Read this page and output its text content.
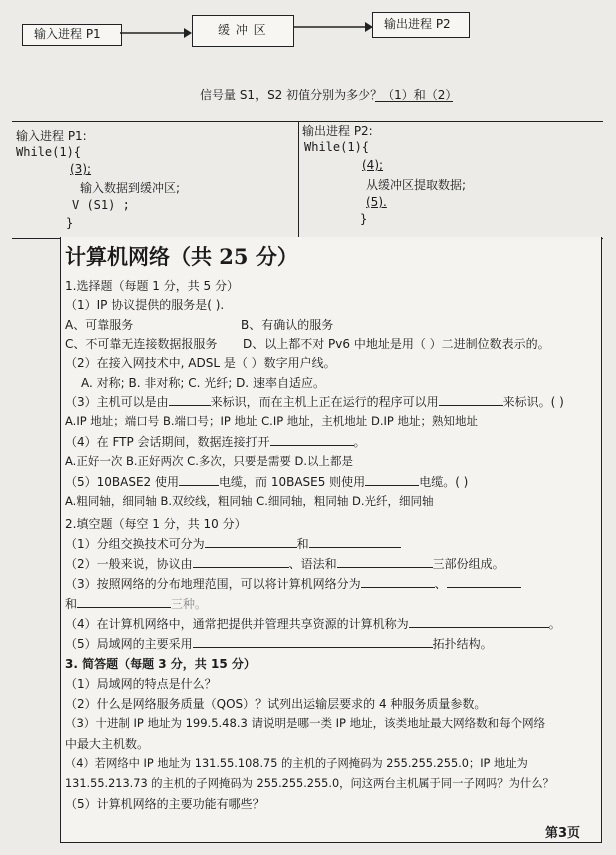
输入进程 P1	缓 冲 区	输出进程 P2
信号量 S1，S2 初值分别为多少？（1）和（2）
输入进程 P1:
While(1){
(3);
输入数据到缓冲区;
V (S1) ;
}
输出进程 P2:
While(1){
(4);
从缓冲区提取数据;
(5).
}
计算机网络（共 25 分）
1.选择题（每题 1 分，共 5 分）
（1）IP 协议提供的服务是( ).
A、可靠服务	B、有确认的服务
C、不可靠无连接数据报服务 D、以上都不对 Pv6 中地址是用（ ）二进制位数表示的。
（2）在接入网技术中, ADSL 是（ ）数字用户线。
A. 对称; B. 非对称; C. 光纤; D. 速率自适应。
（3）主机可以是由	来标识，而在主机上正在运行的程序可以用	来标识。( )
A.IP 地址；端口号 B.端口号；IP 地址 C.IP 地址，主机地址 D.IP 地址；熟知地址
（4）在 FTP 会话期间，数据连接打开	。
A.正好一次 B.正好两次 C.多次，只要是需要 D.以上都是
（5）10BASE2 使用	电缆，而 10BASE5 则使用	电缆。( )
A.粗同轴，细同轴 B.双绞线，粗同轴 C.细同轴，粗同轴 D.光纤，细同轴
2.填空题（每空 1 分，共 10 分）
（1）分组交换技术可分为	和
（2）一般来说，协议由	、语法和	三部份组成。
（3）按照网络的分布地理范围，可以将计算机网络分为	、
和	三种。
（4）在计算机网络中，通常把提供并管理共享资源的计算机称为	。
（5）局域网的主要采用	拓扑结构。
3. 简答题（每题 3 分，共 15 分）
（1）局域网的特点是什么？
（2）什么是网络服务质量（QOS）？试列出运输层要求的 4 种服务质量参数。
（3）十进制 IP 地址为 199.5.48.3 请说明是哪一类 IP 地址，该类地址最大网络数和每个网络
中最大主机数。
（4）若网络中 IP 地址为 131.55.108.75 的主机的子网掩码为 255.255.255.0；IP 地址为
131.55.213.73 的主机的子网掩码为 255.255.255.0，问这两台主机属于同一子网吗？为什么？
（5）计算机网络的主要功能有哪些？
第3页
